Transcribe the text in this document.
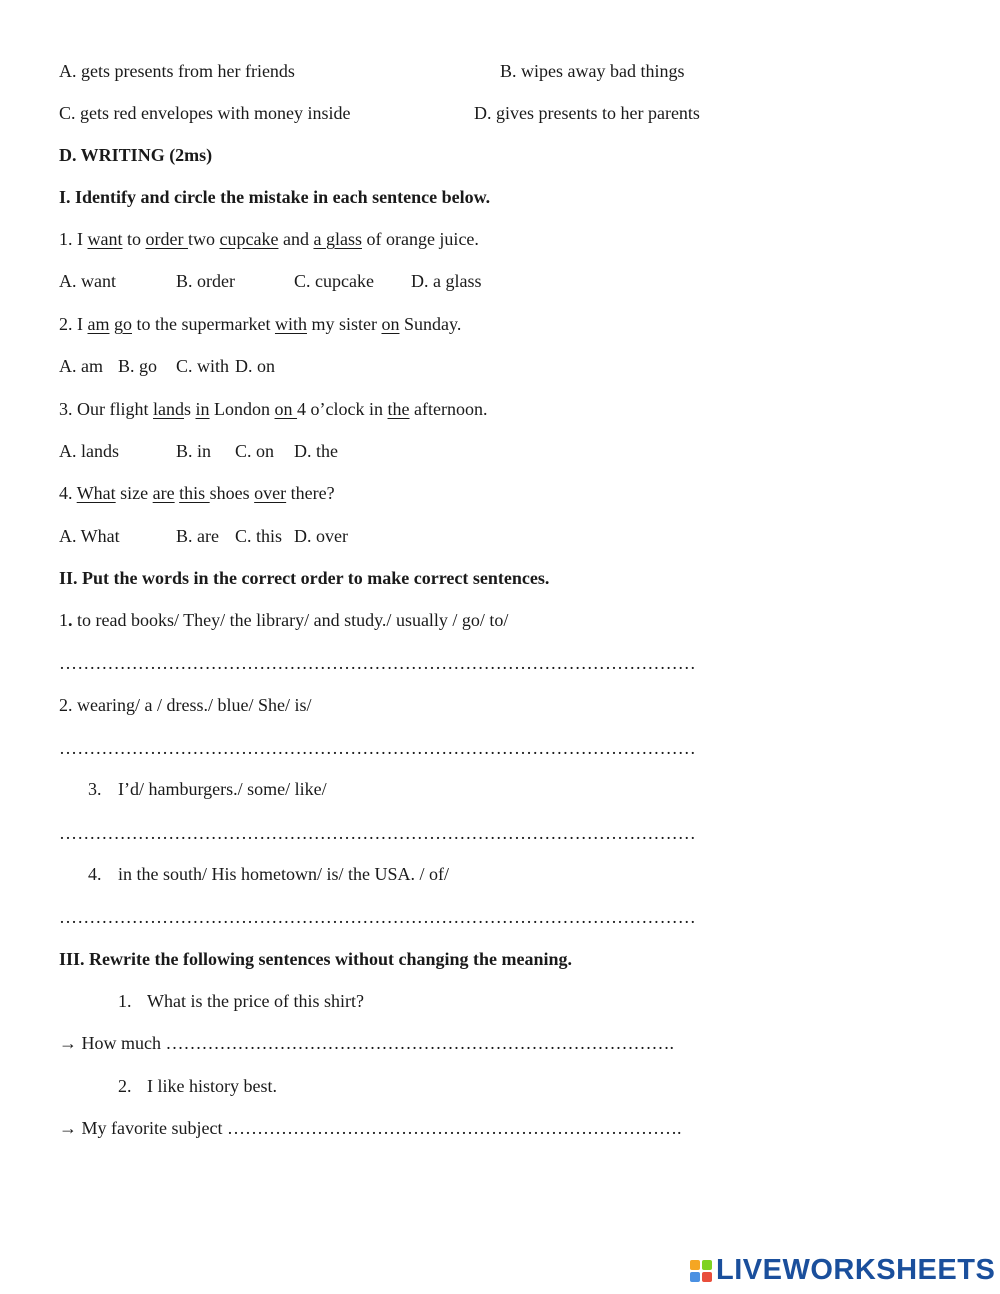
A. gets presents from her friends	B. wipes away bad things
C. gets red envelopes with money inside	D. gives presents to her parents
D. WRITING (2ms)
I. Identify and circle the mistake in each sentence below.
1. I want to order two cupcake and a glass of orange juice.
A. want	B. order	C. cupcake D. a glass
2. I am go to the supermarket with my sister on Sunday.
A. am B. go C. with D. on
3. Our flight lands in London on 4 o’clock in the afternoon.
A. lands	B. in C. on D. the
4. What size are this shoes over there?
A. What	B. are C. this D. over
II. Put the words in the correct order to make correct sentences.
1. to read books/ They/ the library/ and study./ usually / go/ to/
……………………………………………………………………………………………
2. wearing/ a / dress./ blue/ She/ is/
……………………………………………………………………………………………
3. I’d/ hamburgers./ some/ like/
……………………………………………………………………………………………
4. in the south/ His hometown/ is/ the USA. / of/
……………………………………………………………………………………………
III. Rewrite the following sentences without changing the meaning.
1. What is the price of this shirt?
→ How much ………………………………………………………………………….
2. I like history best.
→ My favorite subject ………………………………………………………………….
LIVEWORKSHEETS
